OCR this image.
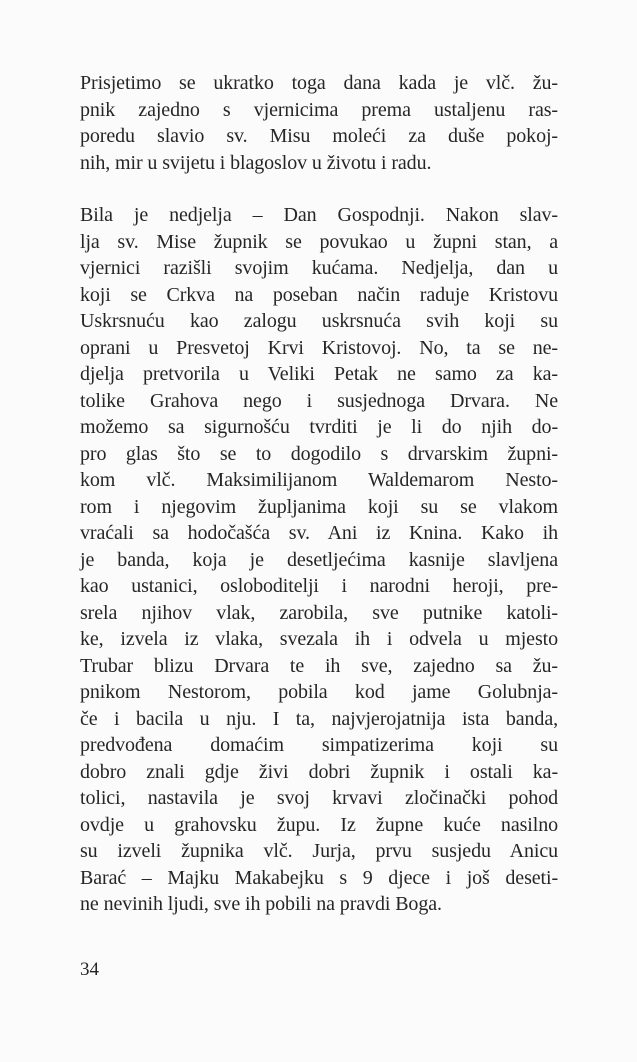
Prisjetimo se ukratko toga dana kada je vlč. žu-
pnik zajedno s vjernicima prema ustaljenu ras-
poredu slavio sv. Misu moleći za duše pokoj-
nih, mir u svijetu i blagoslov u životu i radu.
Bila je nedjelja – Dan Gospodnji. Nakon slav-
lja sv. Mise župnik se povukao u župni stan, a
vjernici razišli svojim kućama. Nedjelja, dan u
koji se Crkva na poseban način raduje Kristovu
Uskrsnuću kao zalogu uskrsnuća svih koji su
oprani u Presvetoj Krvi Kristovoj. No, ta se ne-
djelja pretvorila u Veliki Petak ne samo za ka-
tolike Grahova nego i susjednoga Drvara. Ne
možemo sa sigurnošću tvrditi je li do njih do-
pro glas što se to dogodilo s drvarskim župni-
kom vlč. Maksimilijanom Waldemarom Nesto-
rom i njegovim župljanima koji su se vlakom
vraćali sa hodočašća sv. Ani iz Knina. Kako ih
je banda, koja je desetljećima kasnije slavljena
kao ustanici, osloboditelji i narodni heroji, pre-
srela njihov vlak, zarobila, sve putnike katoli-
ke, izvela iz vlaka, svezala ih i odvela u mjesto
Trubar blizu Drvara te ih sve, zajedno sa žu-
pnikom Nestorom, pobila kod jame Golubnja-
če i bacila u nju. I ta, najvjerojatnija ista banda,
predvođena domaćim simpatizerima koji su
dobro znali gdje živi dobri župnik i ostali ka-
tolici, nastavila je svoj krvavi zločinački pohod
ovdje u grahovsku župu. Iz župne kuće nasilno
su izveli župnika vlč. Jurja, prvu susjedu Anicu
Barać – Majku Makabejku s 9 djece i još deseti-
ne nevinih ljudi, sve ih pobili na pravdi Boga.
34
